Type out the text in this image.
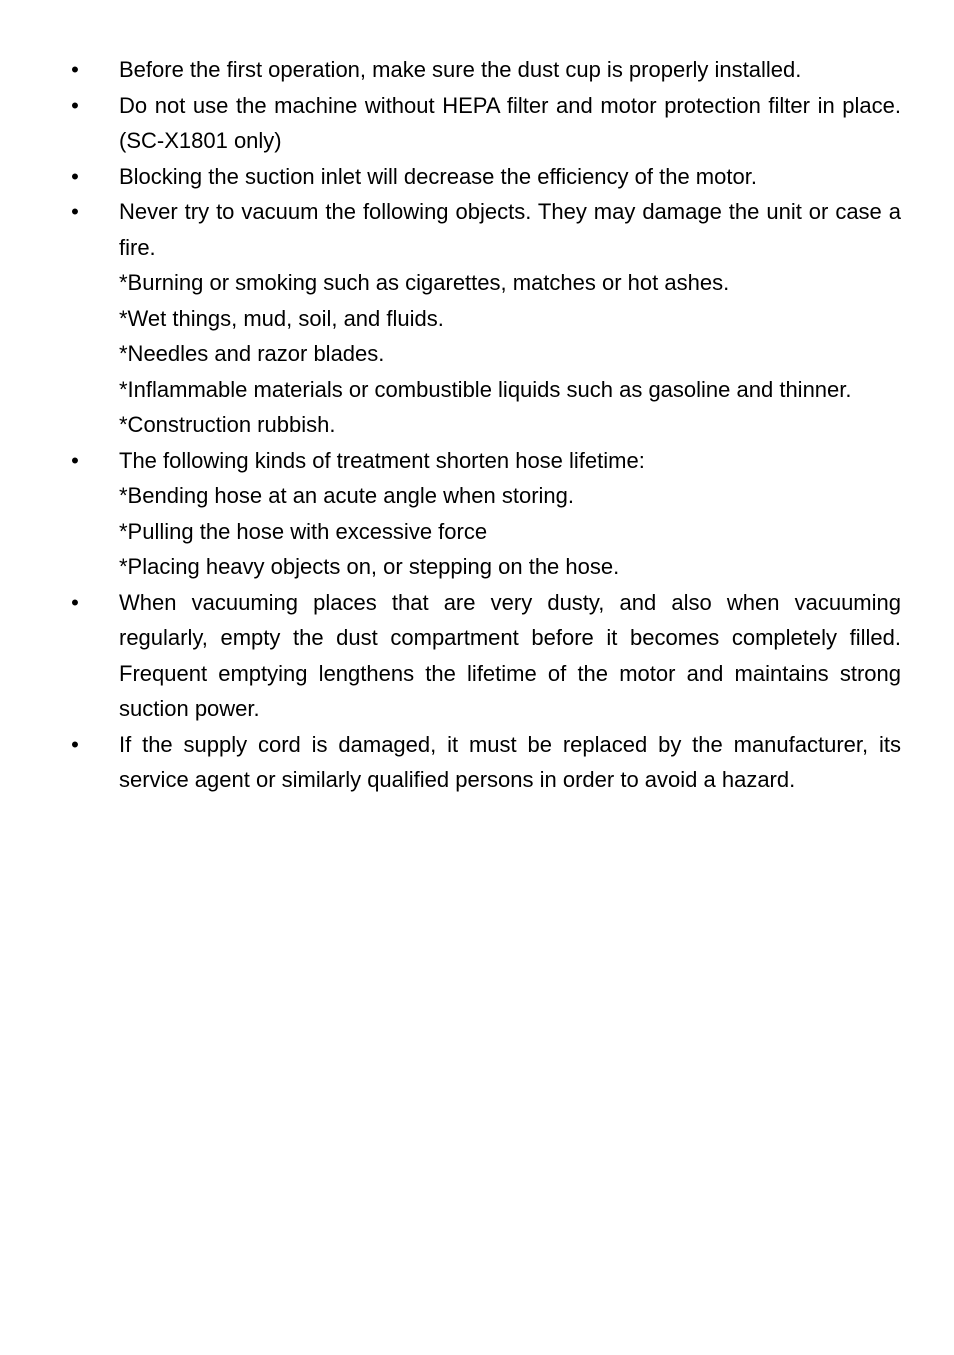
• Before the first operation, make sure the dust cup is properly installed.
• Do not use the machine without HEPA filter and motor protection filter in place. (SC-X1801 only)
• Blocking the suction inlet will decrease the efficiency of the motor.
• Never try to vacuum the following objects. They may damage the unit or case a fire.
*Burning or smoking such as cigarettes, matches or hot ashes.
*Wet things, mud, soil, and fluids.
*Needles and razor blades.
*Inflammable materials or combustible liquids such as gasoline and thinner.
*Construction rubbish.
• The following kinds of treatment shorten hose lifetime:
*Bending hose at an acute angle when storing.
*Pulling the hose with excessive force
*Placing heavy objects on, or stepping on the hose.
• When vacuuming places that are very dusty, and also when vacuuming regularly, empty the dust compartment before it becomes completely filled. Frequent emptying lengthens the lifetime of the motor and maintains strong suction power.
• If the supply cord is damaged, it must be replaced by the manufacturer, its service agent or similarly qualified persons in order to avoid a hazard.
